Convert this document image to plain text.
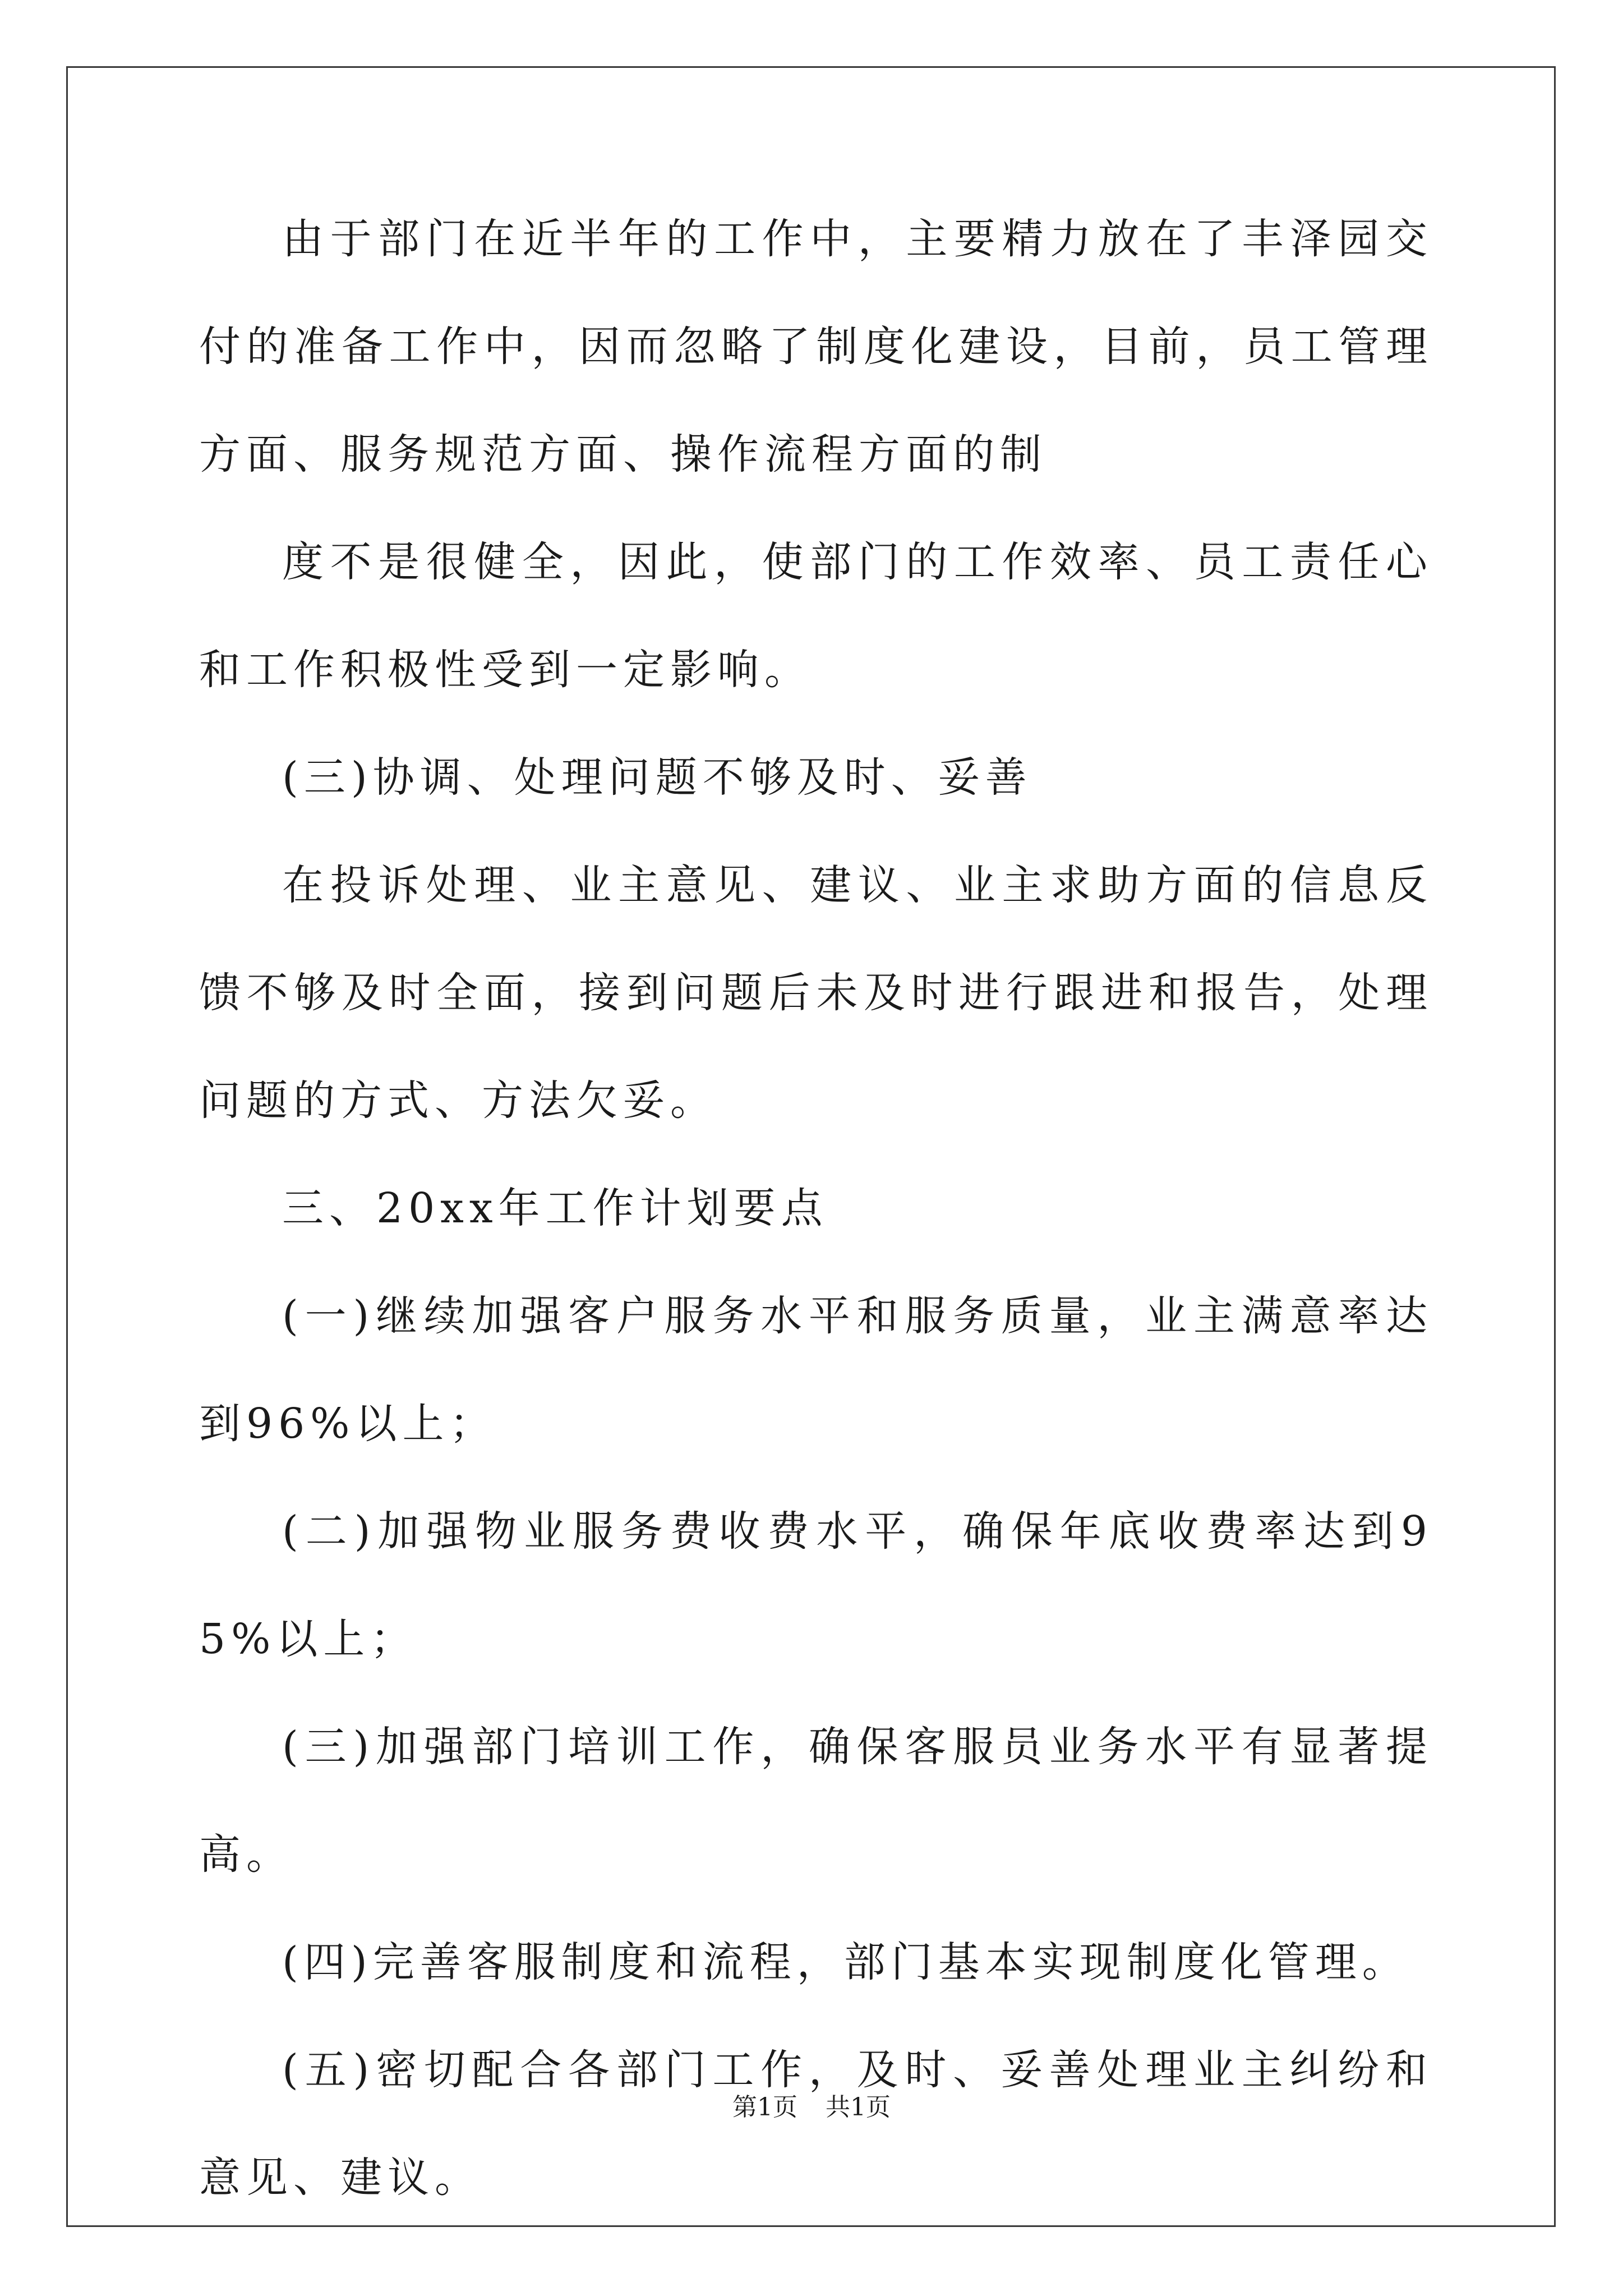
由于部门在近半年的工作中，主要精力放在了丰泽园交付的准备工作中，因而忽略了制度化建设，目前，员工管理方面、服务规范方面、操作流程方面的制

度不是很健全，因此，使部门的工作效率、员工责任心和工作积极性受到一定影响。

(三)协调、处理问题不够及时、妥善

在投诉处理、业主意见、建议、业主求助方面的信息反馈不够及时全面，接到问题后未及时进行跟进和报告，处理问题的方式、方法欠妥。

三、20xx年工作计划要点

(一)继续加强客户服务水平和服务质量，业主满意率达到96%以上；

(二)加强物业服务费收费水平，确保年底收费率达到95%以上；

(三)加强部门培训工作，确保客服员业务水平有显著提高。

(四)完善客服制度和流程，部门基本实现制度化管理。

(五)密切配合各部门工作，及时、妥善处理业主纠纷和意见、建议。

第1页 共1页
